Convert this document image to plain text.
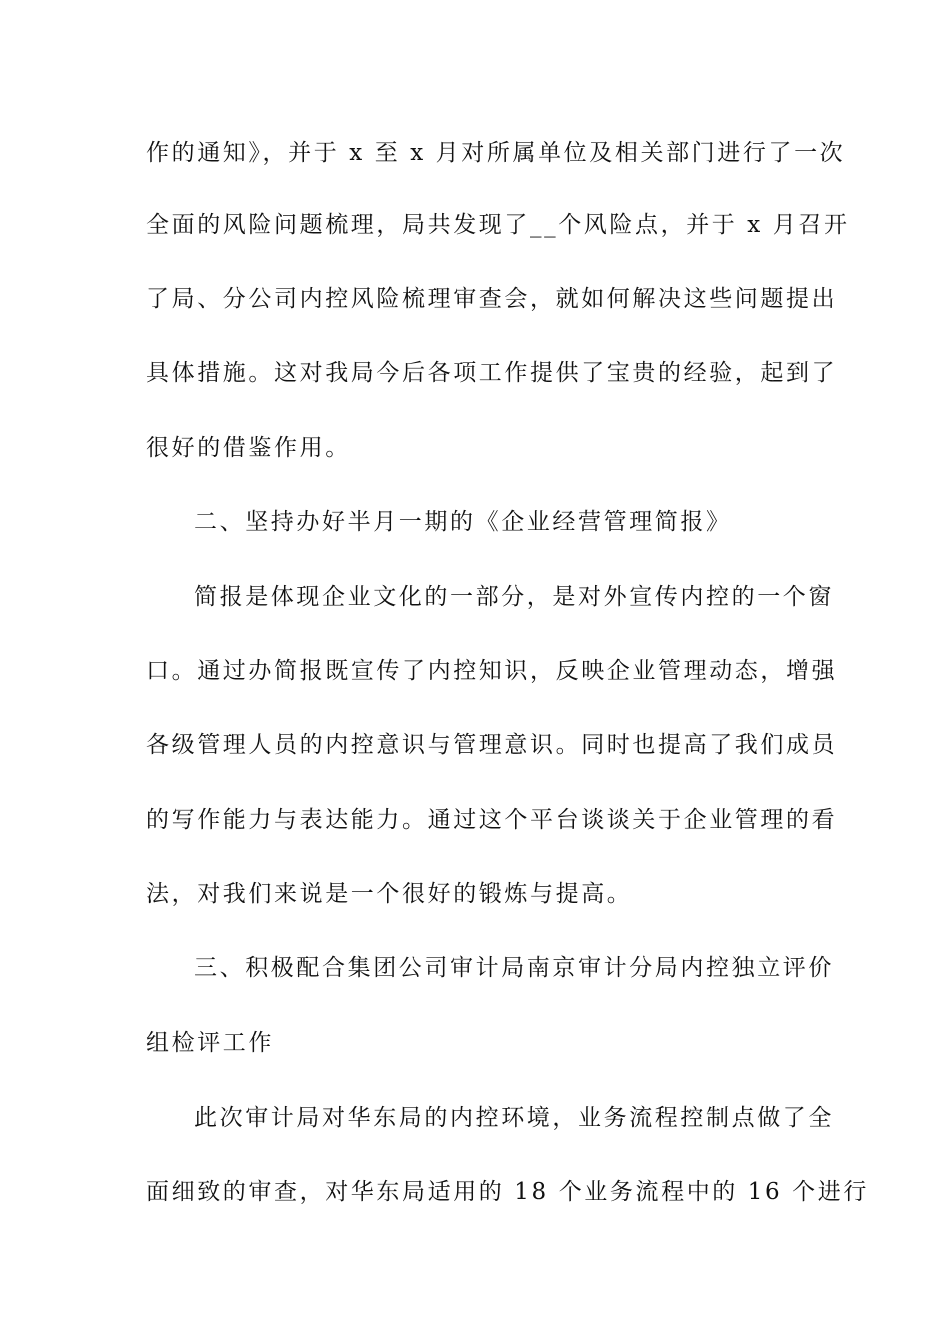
作的通知》，并于 x 至 x 月对所属单位及相关部门进行了一次
全面的风险问题梳理，局共发现了__个风险点，并于 x 月召开
了局、分公司内控风险梳理审查会，就如何解决这些问题提出
具体措施。这对我局今后各项工作提供了宝贵的经验，起到了
很好的借鉴作用。
二、坚持办好半月一期的《企业经营管理简报》
简报是体现企业文化的一部分，是对外宣传内控的一个窗
口。通过办简报既宣传了内控知识，反映企业管理动态，增强
各级管理人员的内控意识与管理意识。同时也提高了我们成员
的写作能力与表达能力。通过这个平台谈谈关于企业管理的看
法，对我们来说是一个很好的锻炼与提高。
三、积极配合集团公司审计局南京审计分局内控独立评价
组检评工作
此次审计局对华东局的内控环境，业务流程控制点做了全
面细致的审查，对华东局适用的 18 个业务流程中的 16 个进行
